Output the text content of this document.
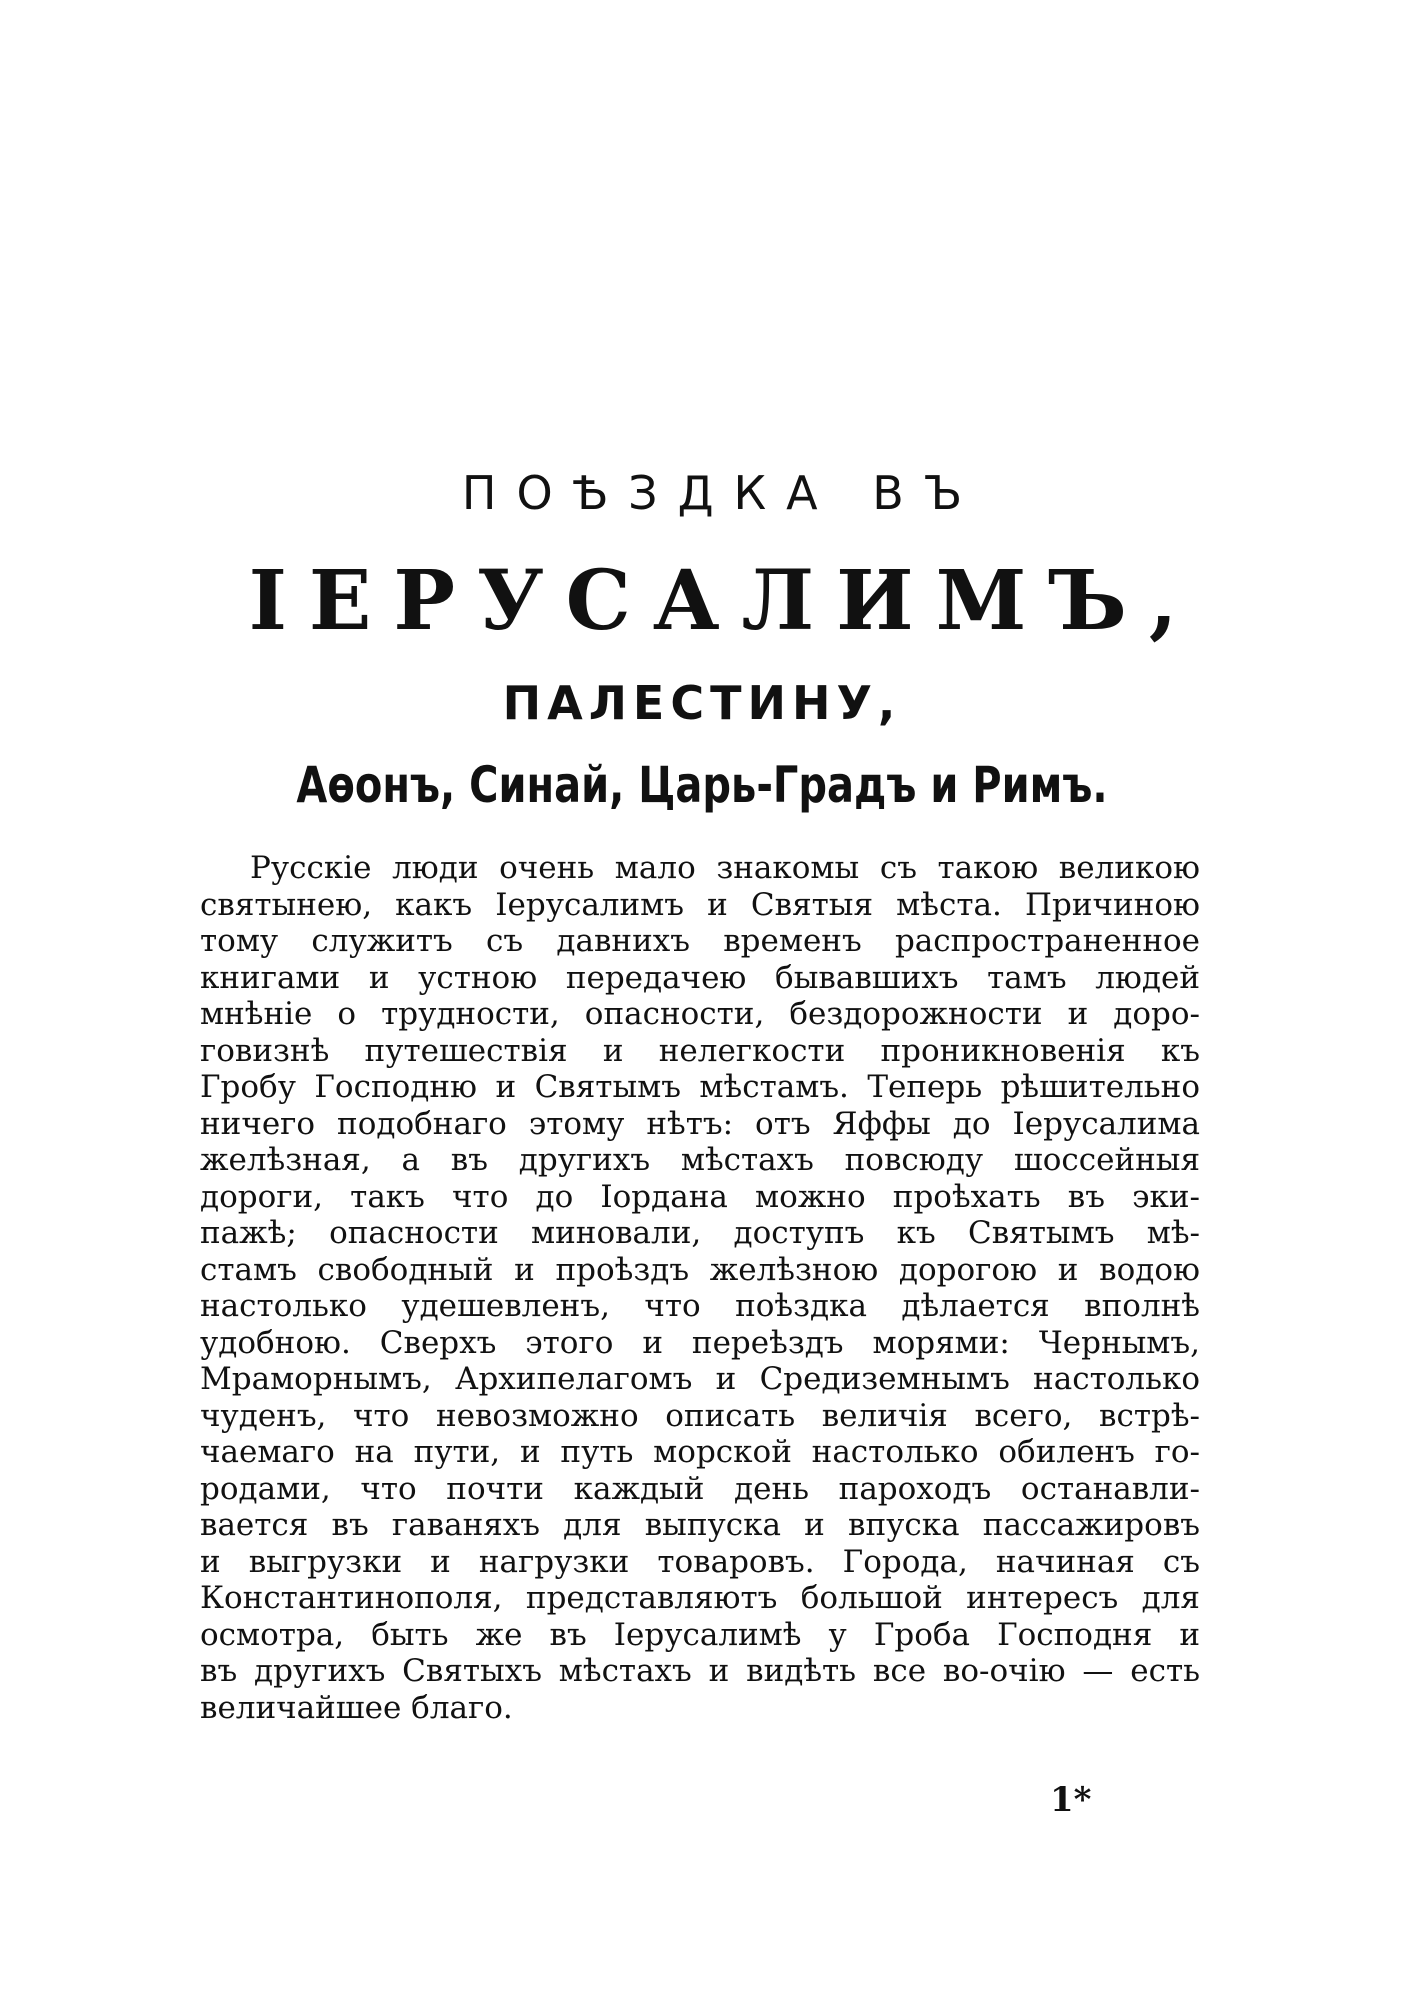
ПОѢЗДКА ВЪ
ІЕРУСАЛИМЪ,
ПАЛЕСТИНУ,
Аѳонъ, Синай, Царь-Градъ и Римъ.
Русскіе люди очень мало знакомы съ такою великою
святынею, какъ Іерусалимъ и Святыя мѣста. Причиною
тому служитъ съ давнихъ временъ распространенное
книгами и устною передачею бывавшихъ тамъ людей
мнѣніе о трудности, опасности, бездорожности и доро-
говизнѣ путешествія и нелегкости проникновенія къ
Гробу Господню и Святымъ мѣстамъ. Теперь рѣшительно
ничего подобнаго этому нѣтъ: отъ Яффы до Іерусалима
желѣзная, а въ другихъ мѣстахъ повсюду шоссейныя
дороги, такъ что до Іордана можно проѣхать въ эки-
пажѣ; опасности миновали, доступъ къ Святымъ мѣ-
стамъ свободный и проѣздъ желѣзною дорогою и водою
настолько удешевленъ, что поѣздка дѣлается вполнѣ
удобною. Сверхъ этого и переѣздъ морями: Чернымъ,
Мраморнымъ, Архипелагомъ и Средиземнымъ настолько
чуденъ, что невозможно описать величія всего, встрѣ-
чаемаго на пути, и путь морской настолько обиленъ го-
родами, что почти каждый день пароходъ останавли-
вается въ гаваняхъ для выпуска и впуска пассажировъ
и выгрузки и нагрузки товаровъ. Города, начиная съ
Константинополя, представляютъ большой интересъ для
осмотра, быть же въ Іерусалимѣ у Гроба Господня и
въ другихъ Святыхъ мѣстахъ и видѣть все во-очію — есть
величайшее благо.
1*
